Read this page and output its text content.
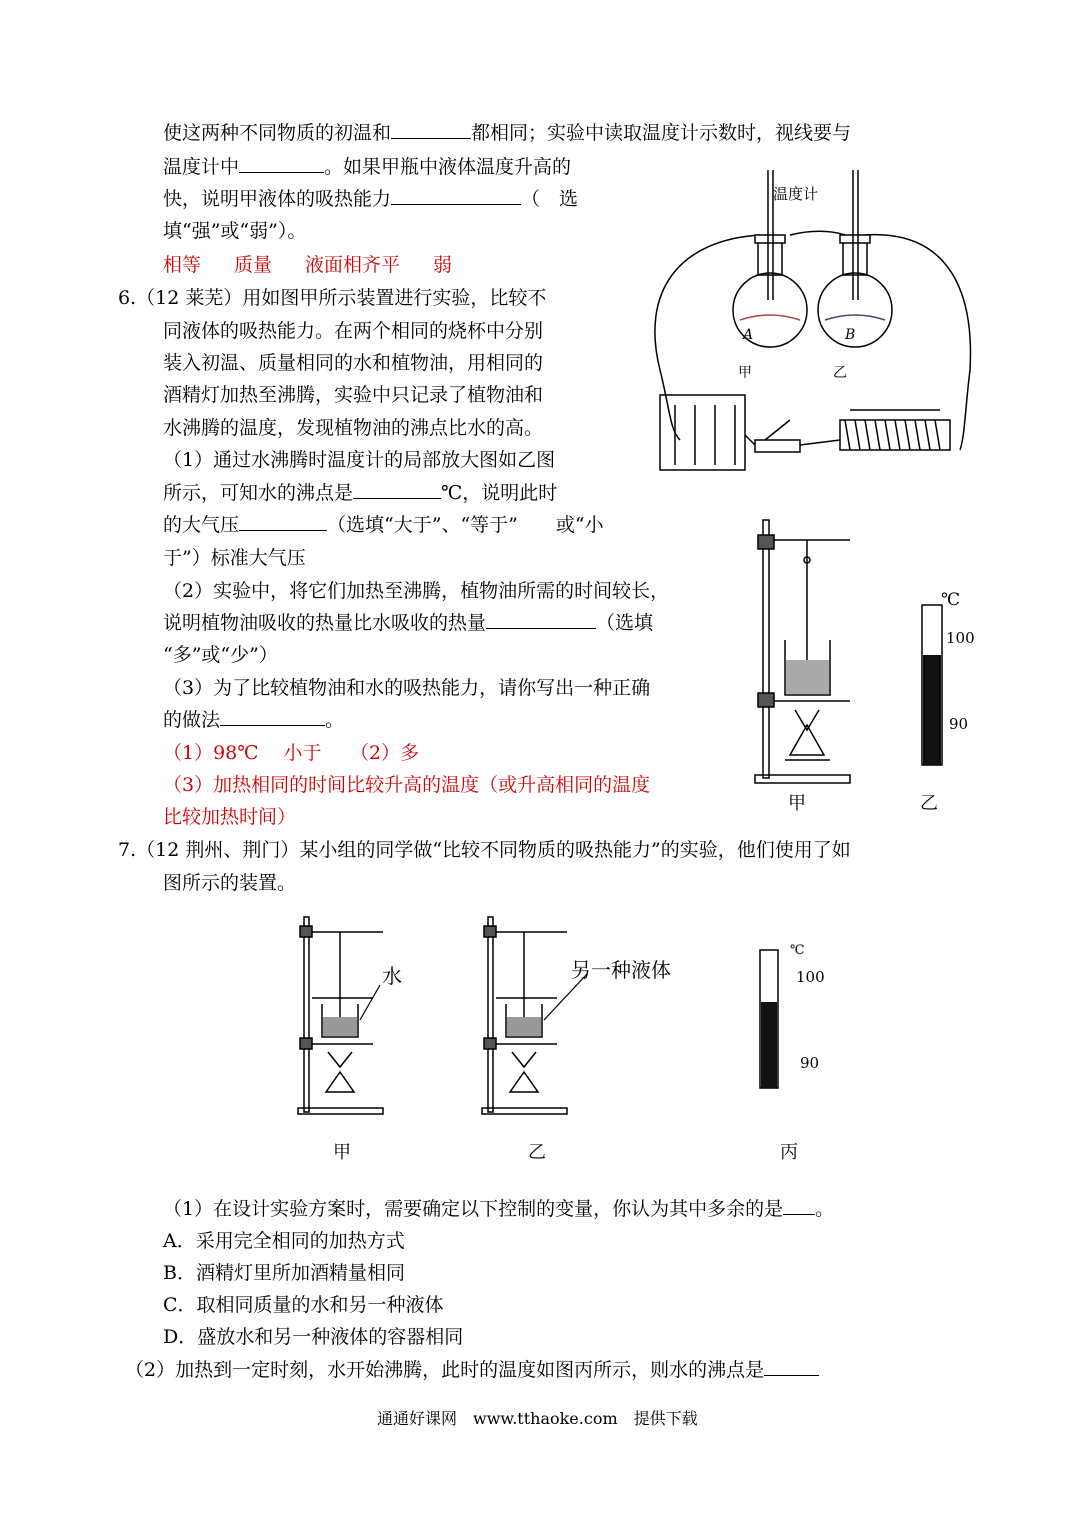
使这两种不同物质的初温和	都相同；实验中读取温度计示数时，视线要与
温度计中	。如果甲瓶中液体温度升高的
快，说明甲液体的吸热能力	（　选
填“强”或“弱”）。
相等 质量 液面相齐平 弱
温度计
A	B
甲	乙
6.（12 莱芜）用如图甲所示装置进行实验，比较不
同液体的吸热能力。在两个相同的烧杯中分别
装入初温、质量相同的水和植物油，用相同的
酒精灯加热至沸腾，实验中只记录了植物油和
水沸腾的温度，发现植物油的沸点比水的高。
（1）通过水沸腾时温度计的局部放大图如乙图
所示，可知水的沸点是	℃，说明此时
的大气压	（选填“大于”、“等于”　　或“小
于”）标准大气压
（2）实验中，将它们加热至沸腾，植物油所需的时间较长，
说明植物油吸收的热量比水吸收的热量	（选填
“多”或“少”）
（3）为了比较植物油和水的吸热能力，请你写出一种正确
的做法	。
（1）98℃　 小于　　（2）多
（3）加热相同的时间比较升高的温度（或升高相同的温度
比较加热时间）
℃
100
90
甲	乙
7.（12 荆州、荆门）某小组的同学做“比较不同物质的吸热能力”的实验，他们使用了如
图所示的装置。
水	另一种液体
℃
100
90
甲	乙	丙
（1）在设计实验方案时，需要确定以下控制的变量，你认为其中多余的是 。
A．采用完全相同的加热方式
B．酒精灯里所加酒精量相同
C．取相同质量的水和另一种液体
D．盛放水和另一种液体的容器相同
（2）加热到一定时刻，水开始沸腾，此时的温度如图丙所示，则水的沸点是
通通好课网　www.tthaoke.com　提供下载
